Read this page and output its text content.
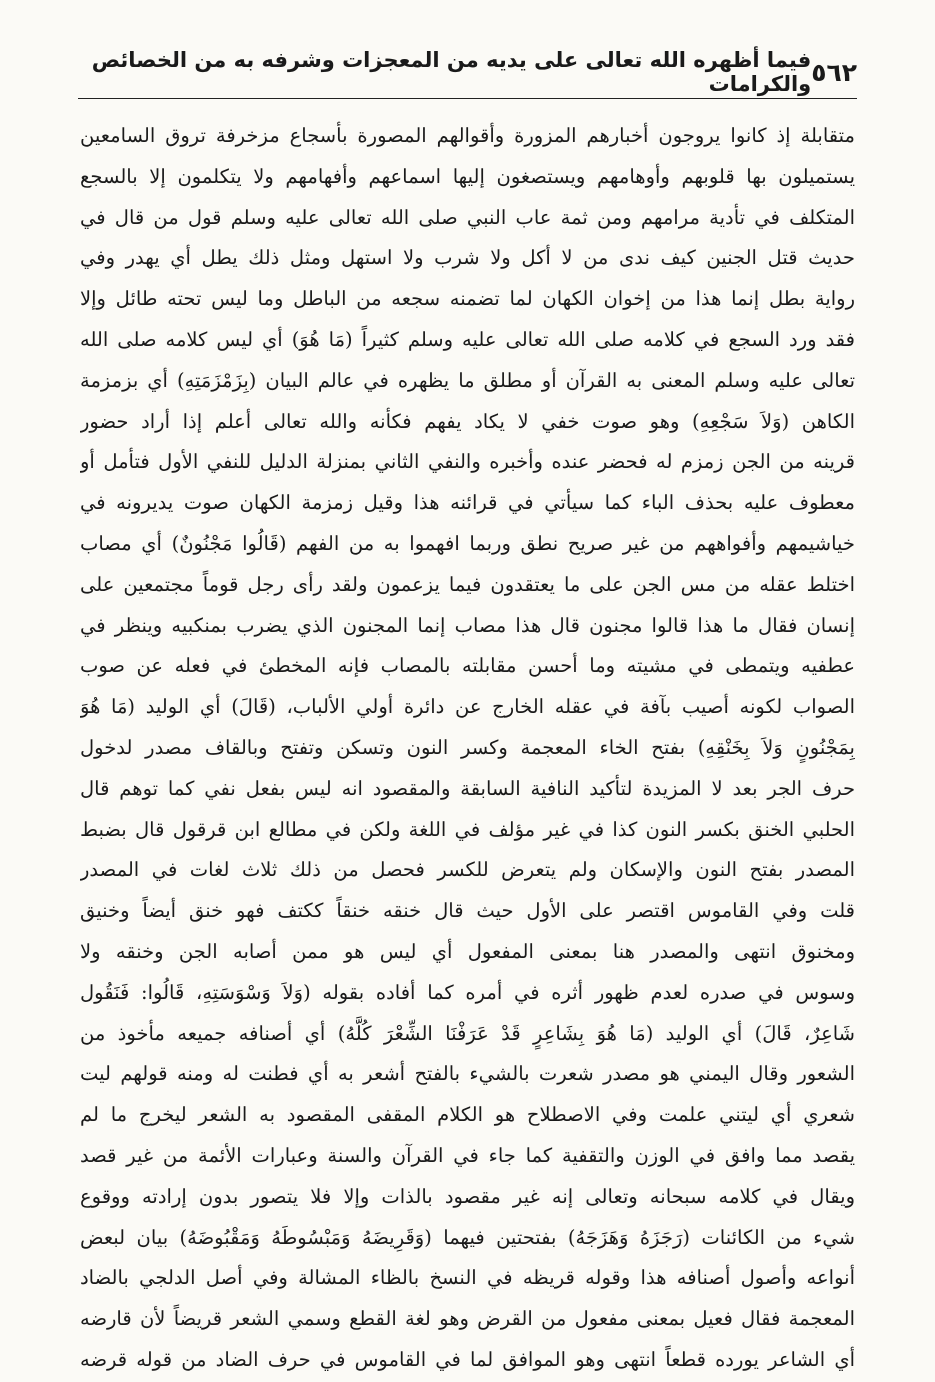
٥٦٢
فيما أظهره الله تعالى على يديه من المعجزات وشرفه به من الخصائص والكرامات
متقابلة إذ كانوا يروجون أخبارهم المزورة وأقوالهم المصورة بأسجاع مزخرفة تروق السامعين
يستميلون بها قلوبهم وأوهامهم ويستصغون إليها اسماعهم وأفهامهم ولا يتكلمون إلا بالسجع
المتكلف في تأدية مرامهم ومن ثمة عاب النبي صلى الله تعالى عليه وسلم قول من قال في
حديث قتل الجنين كيف ندى من لا أكل ولا شرب ولا استهل ومثل ذلك يطل أي يهدر وفي
رواية بطل إنما هذا من إخوان الكهان لما تضمنه سجعه من الباطل وما ليس تحته طائل وإلا
فقد ورد السجع في كلامه صلى الله تعالى عليه وسلم كثيراً (مَا هُوَ) أي ليس كلامه صلى الله
تعالى عليه وسلم المعنى به القرآن أو مطلق ما يظهره في عالم البيان (بِزَمْزَمَتِهِ) أي بزمزمة
الكاهن (وَلاَ سَجْعِهِ) وهو صوت خفي لا يكاد يفهم فكأنه والله تعالى أعلم إذا أراد حضور
قرينه من الجن زمزم له فحضر عنده وأخبره والنفي الثاني بمنزلة الدليل للنفي الأول فتأمل أو
معطوف عليه بحذف الباء كما سيأتي في قرائنه هذا وقيل زمزمة الكهان صوت يديرونه في
خياشيمهم وأفواههم من غير صريح نطق وربما افهموا به من الفهم (قَالُوا مَجْنُونٌ) أي مصاب
اختلط عقله من مس الجن على ما يعتقدون فيما يزعمون ولقد رأى رجل قوماً مجتمعين على
إنسان فقال ما هذا قالوا مجنون قال هذا مصاب إنما المجنون الذي يضرب بمنكبيه وينظر في
عطفيه ويتمطى في مشيته وما أحسن مقابلته بالمصاب فإنه المخطئ في فعله عن صوب
الصواب لكونه أصيب بآفة في عقله الخارج عن دائرة أولي الألباب، (قَالَ) أي الوليد (مَا هُوَ
بِمَجْنُونٍ وَلاَ بِخَنْقِهِ) بفتح الخاء المعجمة وكسر النون وتسكن وتفتح وبالقاف مصدر لدخول
حرف الجر بعد لا المزيدة لتأكيد النافية السابقة والمقصود انه ليس بفعل نفي كما توهم قال
الحلبي الخنق بكسر النون كذا في غير مؤلف في اللغة ولكن في مطالع ابن قرقول قال بضبط
المصدر بفتح النون والإسكان ولم يتعرض للكسر فحصل من ذلك ثلاث لغات في المصدر
قلت وفي القاموس اقتصر على الأول حيث قال خنقه خنقاً ككتف فهو خنق أيضاً وخنيق
ومخنوق انتهى والمصدر هنا بمعنى المفعول أي ليس هو ممن أصابه الجن وخنقه ولا
وسوس في صدره لعدم ظهور أثره في أمره كما أفاده بقوله (وَلاَ وَسْوَسَتِهِ، قَالُوا: فَنَقُول
شَاعِرٌ، قَالَ) أي الوليد (مَا هُوَ بِشَاعِرٍ قَدْ عَرَفْنَا الشِّعْرَ كُلَّهُ) أي أصنافه جميعه مأخوذ من
الشعور وقال اليمني هو مصدر شعرت بالشيء بالفتح أشعر به أي فطنت له ومنه قولهم ليت
شعري أي ليتني علمت وفي الاصطلاح هو الكلام المقفى المقصود به الشعر ليخرج ما لم
يقصد مما وافق في الوزن والتقفية كما جاء في القرآن والسنة وعبارات الأئمة من غير قصد
ويقال في كلامه سبحانه وتعالى إنه غير مقصود بالذات وإلا فلا يتصور بدون إرادته ووقوع
شيء من الكائنات (رَجَزَهُ وَهَزَجَهُ) بفتحتين فيهما (وَقَرِيضَهُ وَمَبْسُوطَهُ وَمَقْبُوضَهُ) بيان لبعض
أنواعه وأصول أصنافه هذا وقوله قريظه في النسخ بالظاء المشالة وفي أصل الدلجي بالضاد
المعجمة فقال فعيل بمعنى مفعول من القرض وهو لغة القطع وسمي الشعر قريضاً لأن قارضه
أي الشاعر يورده قطعاً انتهى وهو الموافق لما في القاموس في حرف الضاد من قوله قرضه
